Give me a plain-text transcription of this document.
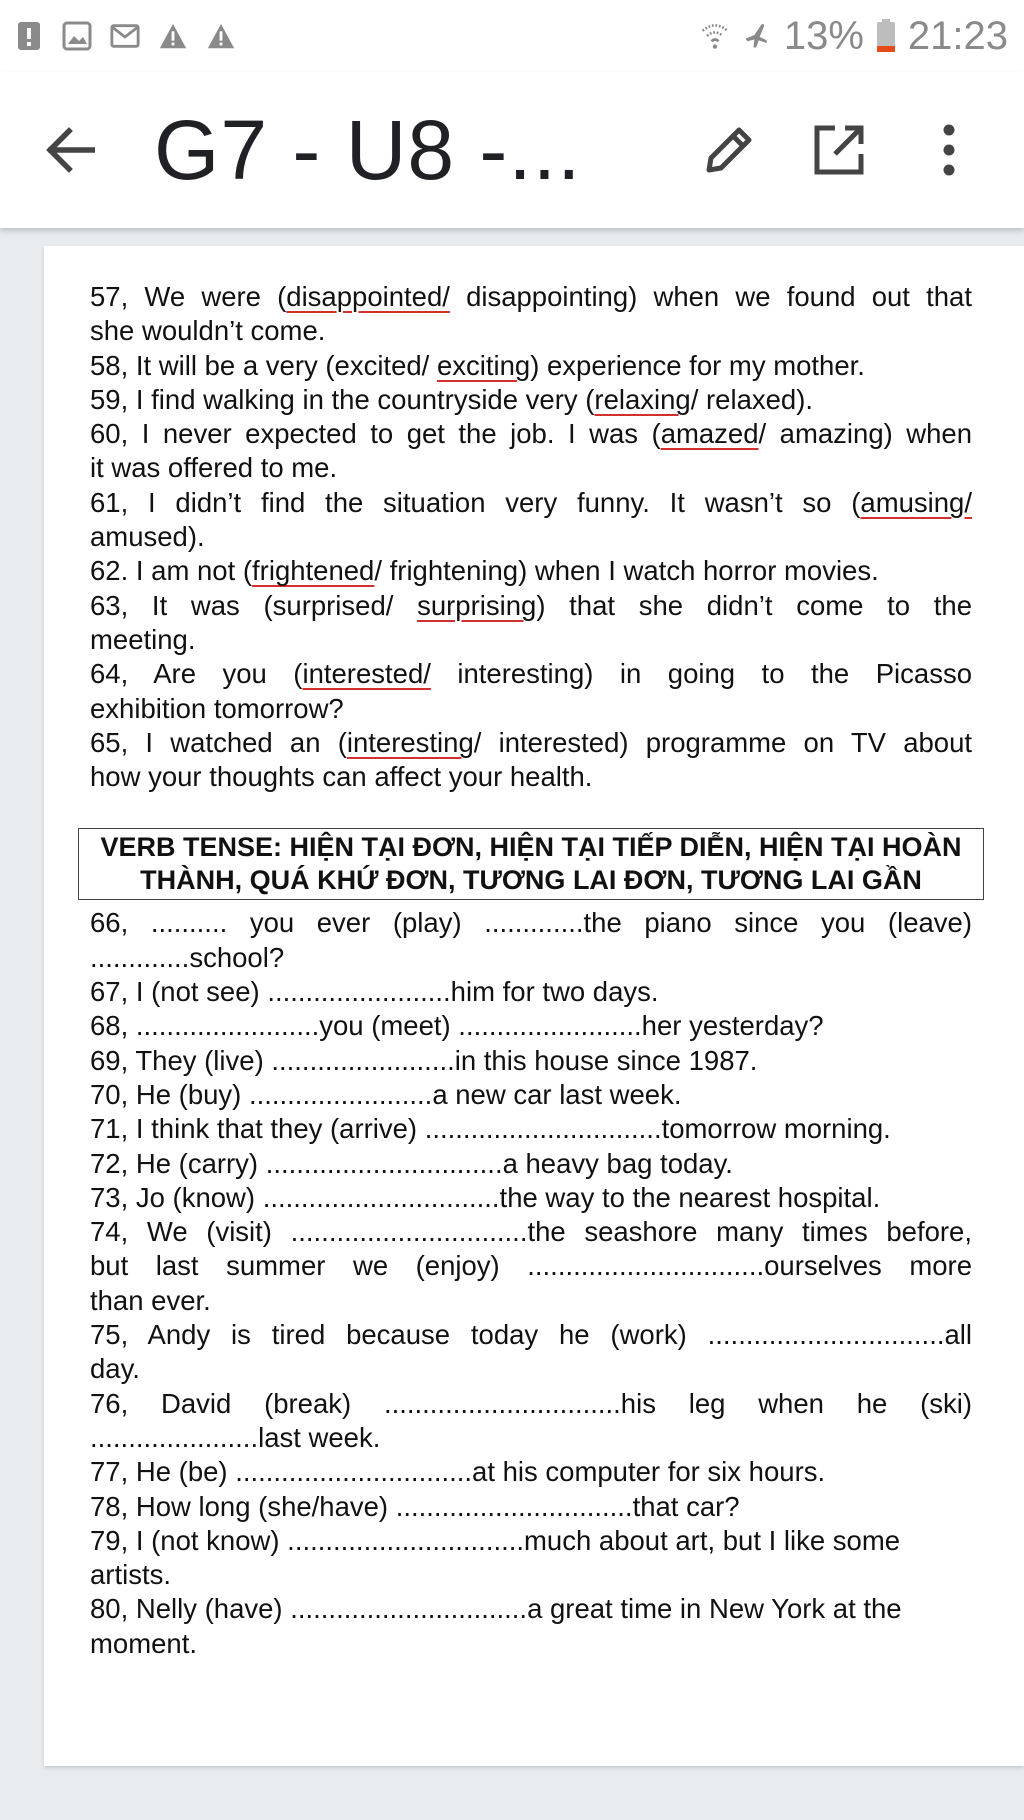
13% 21:23
G7 - U8 -...
57, We were (disappointed/ disappointing) when we found out that
she wouldn’t come.
58, It will be a very (excited/ exciting) experience for my mother.
59, I find walking in the countryside very (relaxing/ relaxed).
60, I never expected to get the job. I was (amazed/ amazing) when
it was offered to me.
61, I didn’t find the situation very funny. It wasn’t so (amusing/
amused).
62. I am not (frightened/ frightening) when I watch horror movies.
63, It was (surprised/ surprising) that she didn’t come to the
meeting.
64, Are you (interested/ interesting) in going to the Picasso
exhibition tomorrow?
65, I watched an (interesting/ interested) programme on TV about
how your thoughts can affect your health.
VERB TENSE: HIỆN TẠI ĐƠN, HIỆN TẠI TIẾP DIỄN, HIỆN TẠI HOÀN THÀNH, QUÁ KHỨ ĐƠN, TƯƠNG LAI ĐƠN, TƯƠNG LAI GẦN
66, .......... you ever (play) .............the piano since you (leave)
.............school?
67, I (not see) ........................him for two days.
68, ........................you (meet) ........................her yesterday?
69, They (live) ........................in this house since 1987.
70, He (buy) ........................a new car last week.
71, I think that they (arrive) ...............................tomorrow morning.
72, He (carry) ...............................a heavy bag today.
73, Jo (know) ...............................the way to the nearest hospital.
74, We (visit) ...............................the seashore many times before,
but last summer we (enjoy) ...............................ourselves more
than ever.
75, Andy is tired because today he (work) ...............................all
day.
76, David (break) ...............................his leg when he (ski)
......................last week.
77, He (be) ...............................at his computer for six hours.
78, How long (she/have) ...............................that car?
79, I (not know) ...............................much about art, but I like some
artists.
80, Nelly (have) ...............................a great time in New York at the
moment.
